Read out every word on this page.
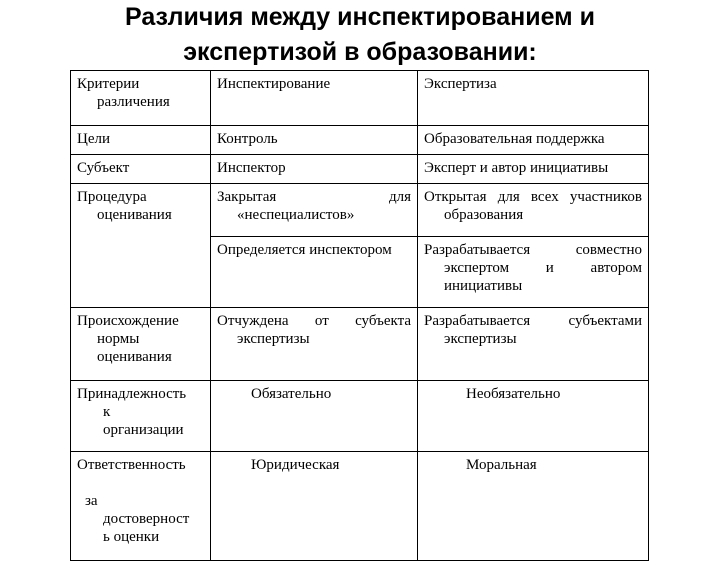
Различия между инспектированием и
экспертизой в образовании:
Критерии различения	Инспектирование	Экспертиза
Цели	Контроль	Образовательная поддержка
Субъект	Инспектор	Эксперт и автор инициативы
Процедура оценивания	Закрытая для «неспециалистов»	Открытая для всех участников образования
	Определяется инспектором	Разрабатывается совместно экспертом и автором инициативы
Происхождение нормы оценивания	Отчуждена от субъекта экспертизы	Разрабатывается субъектами экспертизы

Принадлежность
к
организации	Обязательно	Необязательно

Ответственность
за
достоверност
ь оценки	Юридическая	Моральная
